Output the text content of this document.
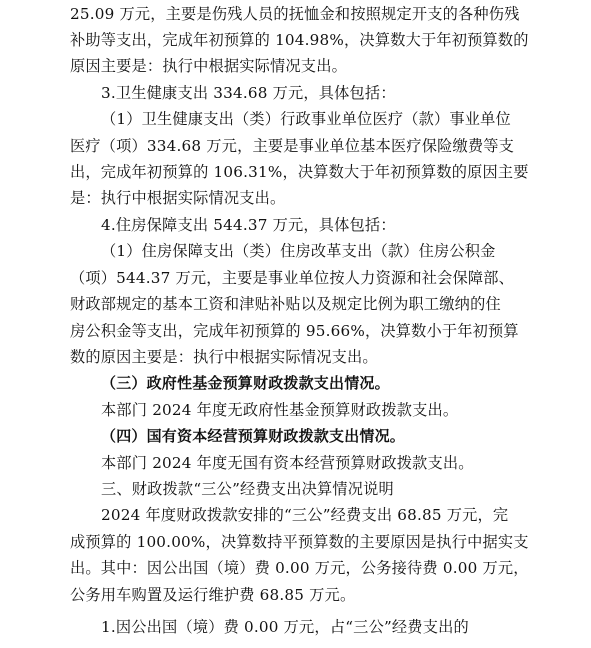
25.09 万元，主要是伤残人员的抚恤金和按照规定开支的各种伤残
补助等支出，完成年初预算的 104.98%，决算数大于年初预算数的
原因主要是：执行中根据实际情况支出。
3.卫生健康支出 334.68 万元，具体包括：
（1）卫生健康支出（类）行政事业单位医疗（款）事业单位
医疗（项）334.68 万元，主要是事业单位基本医疗保险缴费等支
出，完成年初预算的 106.31%，决算数大于年初预算数的原因主要
是：执行中根据实际情况支出。
4.住房保障支出 544.37 万元，具体包括：
（1）住房保障支出（类）住房改革支出（款）住房公积金
（项）544.37 万元，主要是事业单位按人力资源和社会保障部、
财政部规定的基本工资和津贴补贴以及规定比例为职工缴纳的住
房公积金等支出，完成年初预算的 95.66%，决算数小于年初预算
数的原因主要是：执行中根据实际情况支出。
（三）政府性基金预算财政拨款支出情况。
本部门 2024 年度无政府性基金预算财政拨款支出。
（四）国有资本经营预算财政拨款支出情况。
本部门 2024 年度无国有资本经营预算财政拨款支出。
三、财政拨款“三公”经费支出决算情况说明
2024 年度财政拨款安排的“三公”经费支出 68.85 万元，完
成预算的 100.00%，决算数持平预算数的主要原因是执行中据实支
出。其中：因公出国（境）费 0.00 万元，公务接待费 0.00 万元，
公务用车购置及运行维护费 68.85 万元。
1.因公出国（境）费 0.00 万元，占“三公”经费支出的
